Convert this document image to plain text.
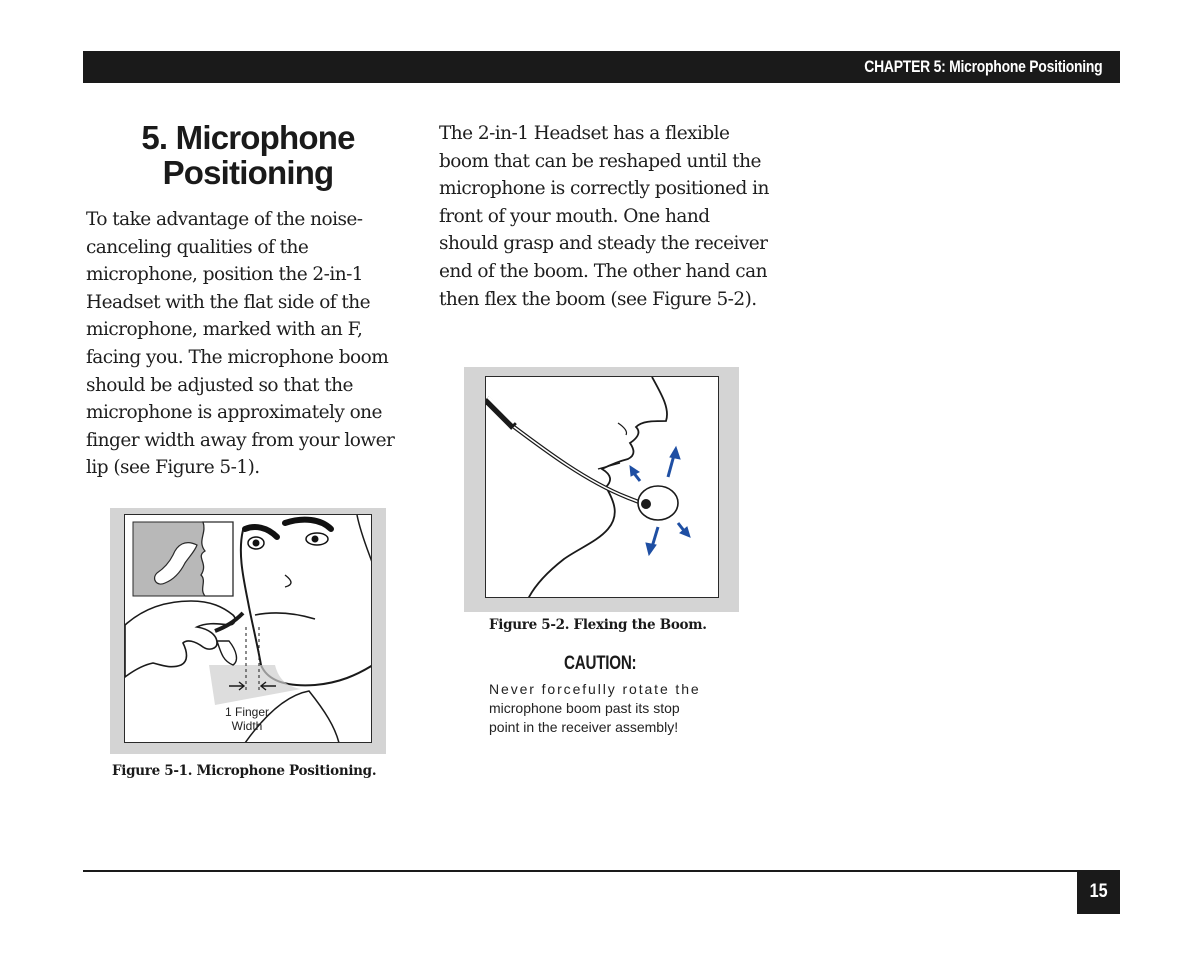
CHAPTER 5: Microphone Positioning
5. Microphone
Positioning

To take advantage of the noise-canceling qualities of the microphone, position the 2-in-1 Headset with the flat side of the microphone, marked with an F, facing you. The microphone boom should be adjusted so that the microphone is approximately one finger width away from your lower lip (see Figure 5-1).

The 2-in-1 Headset has a flexible boom that can be reshaped until the microphone is correctly positioned in front of your mouth. One hand should grasp and steady the receiver end of the boom. The other hand can then flex the boom (see Figure 5-2).

1 Finger
Width
Figure 5-1. Microphone Positioning.
Figure 5-2. Flexing the Boom.
CAUTION:
Never forcefully rotate the
microphone boom past its stop
point in the receiver assembly!
15
